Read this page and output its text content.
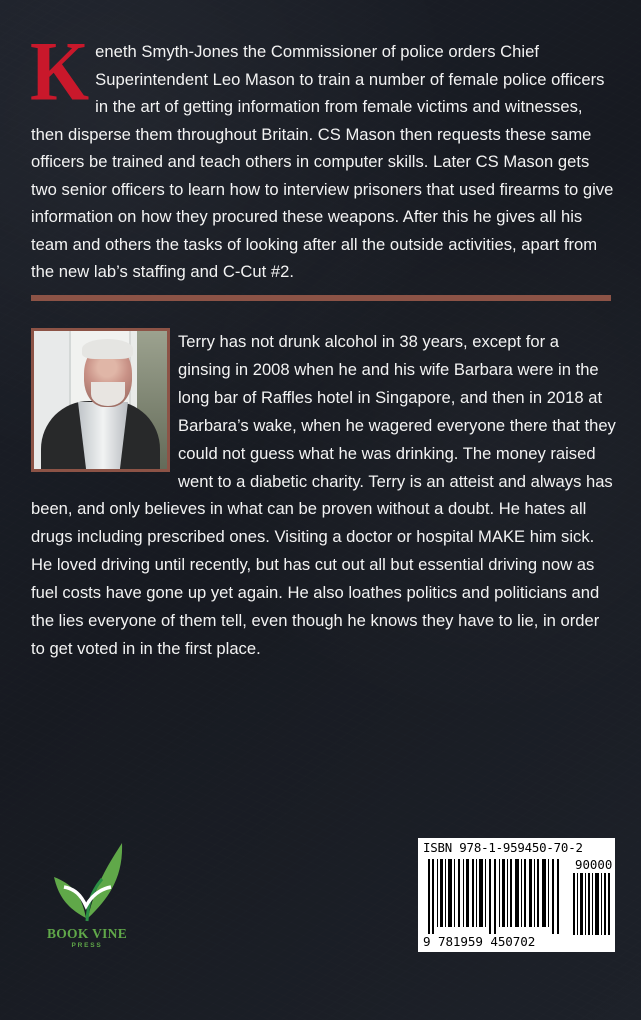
K eneth Smyth-Jones the Commissioner of police orders Chief Superintendent Leo Mason to train a number of female police officers in the art of getting information from female victims and witnesses, then disperse them throughout Britain. CS Mason then requests these same officers be trained and teach others in computer skills. Later CS Mason gets two senior officers to learn how to interview prisoners that used firearms to give information on how they procured these weapons. After this he gives all his team and others the tasks of looking after all the outside activities, apart from the new lab’s staffing and C-Cut #2.
Terry has not drunk alcohol in 38 years, except for a ginsing in 2008 when he and his wife Barbara were in the long bar of Raffles hotel in Singapore, and then in 2018 at Barbara’s wake, when he wagered everyone there that they could not guess what he was drinking. The money raised went to a diabetic charity. Terry is an atteist and always has been, and only believes in what can be proven without a doubt. He hates all drugs including prescribed ones. Visiting a doctor or hospital MAKE him sick. He loved driving until recently, but has cut out all but essential driving now as fuel costs have gone up yet again. He also loathes politics and politicians and the lies everyone of them tell, even though he knows they have to lie, in order to get voted in in the first place.
BOOK VINE
PRESS
ISBN 978-1-959450-70-2
90000
9 781959 450702
